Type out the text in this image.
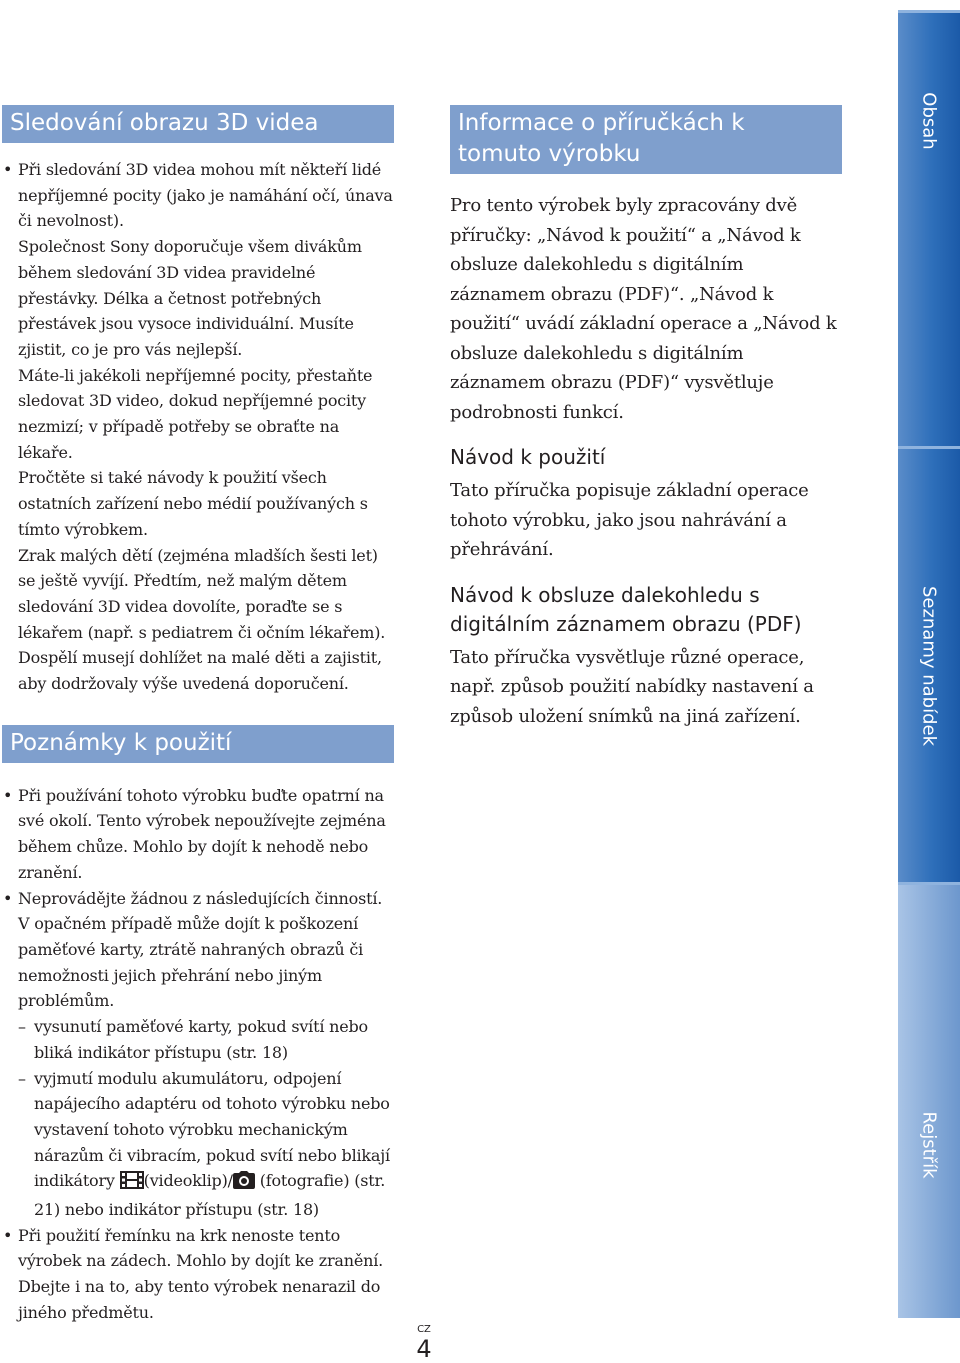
Sledování obrazu 3D videa

• Při sledování 3D videa mohou mít někteří lidé nepříjemné pocity (jako je namáhání očí, únava či nevolnost).

Společnost Sony doporučuje všem divákům během sledování 3D videa pravidelné přestávky. Délka a četnost potřebných přestávek jsou vysoce individuální. Musíte zjistit, co je pro vás nejlepší.

Máte-li jakékoli nepříjemné pocity, přestaňte sledovat 3D video, dokud nepříjemné pocity nezmizí; v případě potřeby se obraťte na lékaře.

Pročtěte si také návody k použití všech ostatních zařízení nebo médií používaných s tímto výrobkem.

Zrak malých dětí (zejména mladších šesti let) se ještě vyvíjí. Předtím, než malým dětem sledování 3D videa dovolíte, poraďte se s lékařem (např. s pediatrem či očním lékařem). Dospělí musejí dohlížet na malé děti a zajistit, aby dodržovaly výše uvedená doporučení.

Poznámky k použití
• Při používání tohoto výrobku buďte opatrní na své okolí. Tento výrobek nepoužívejte zejména během chůze. Mohlo by dojít k nehodě nebo zranění.
• Neprovádějte žádnou z následujících činností. V opačném případě může dojít k poškození paměťové karty, ztrátě nahraných obrazů či nemožnosti jejich přehrání nebo jiným problémům.
– vysunutí paměťové karty, pokud svítí nebo bliká indikátor přístupu (str. 18)
– vyjmutí modulu akumulátoru, odpojení napájecího adaptéru od tohoto výrobku nebo vystavení tohoto výrobku mechanickým nárazům či vibracím, pokud svítí nebo blikají indikátory (videoklip)/ (fotografie) (str. 21) nebo indikátor přístupu (str. 18)
• Při použití řemínku na krk nenoste tento výrobek na zádech. Mohlo by dojít ke zranění. Dbejte i na to, aby tento výrobek nenarazil do jiného předmětu.
Informace o příručkách k tomuto výrobku

Pro tento výrobek byly zpracovány dvě příručky: „Návod k použití“ a „Návod k obsluze dalekohledu s digitálním záznamem obrazu (PDF)“. „Návod k použití“ uvádí základní operace a „Návod k obsluze dalekohledu s digitálním záznamem obrazu (PDF)“ vysvětluje podrobnosti funkcí.

Návod k použití

Tato příručka popisuje základní operace tohoto výrobku, jako jsou nahrávání a přehrávání.

Návod k obsluze dalekohledu s digitálním záznamem obrazu (PDF)

Tato příručka vysvětluje různé operace, např. způsob použití nabídky nastavení a způsob uložení snímků na jiná zařízení.

Obsah
Seznamy nabídek
Rejstřík
CZ
4
